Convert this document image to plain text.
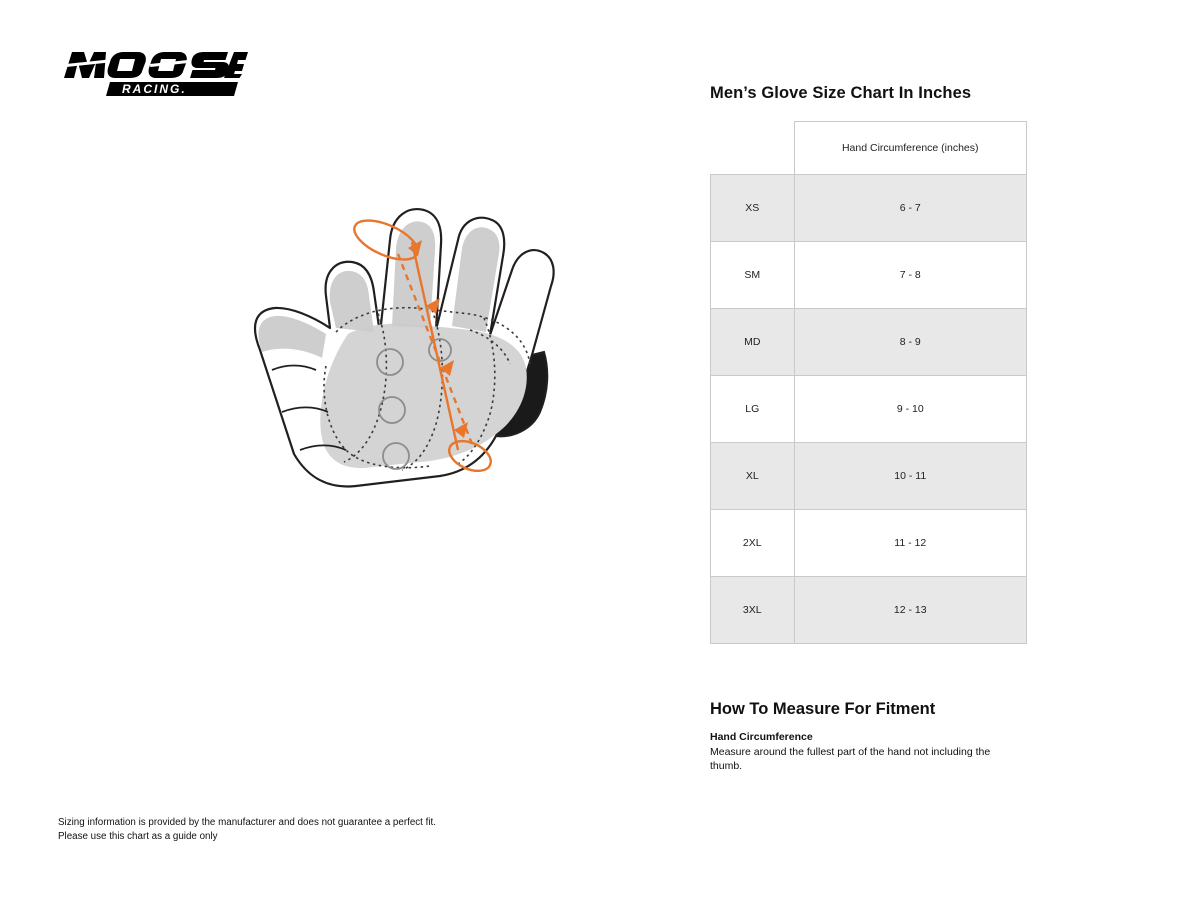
RACING.	Men’s Glove Size Chart In Inches
	Hand Circumference (inches)
XS	6 - 7
SM	7 - 8
MD	8 - 9
LG	9 - 10
XL	10 - 11
2XL	11 - 12
3XL	12 - 13
How To Measure For Fitment

Hand Circumference

Measure around the fullest part of the hand not including the thumb.

Sizing information is provided by the manufacturer and does not guarantee a perfect fit.
Please use this chart as a guide only
